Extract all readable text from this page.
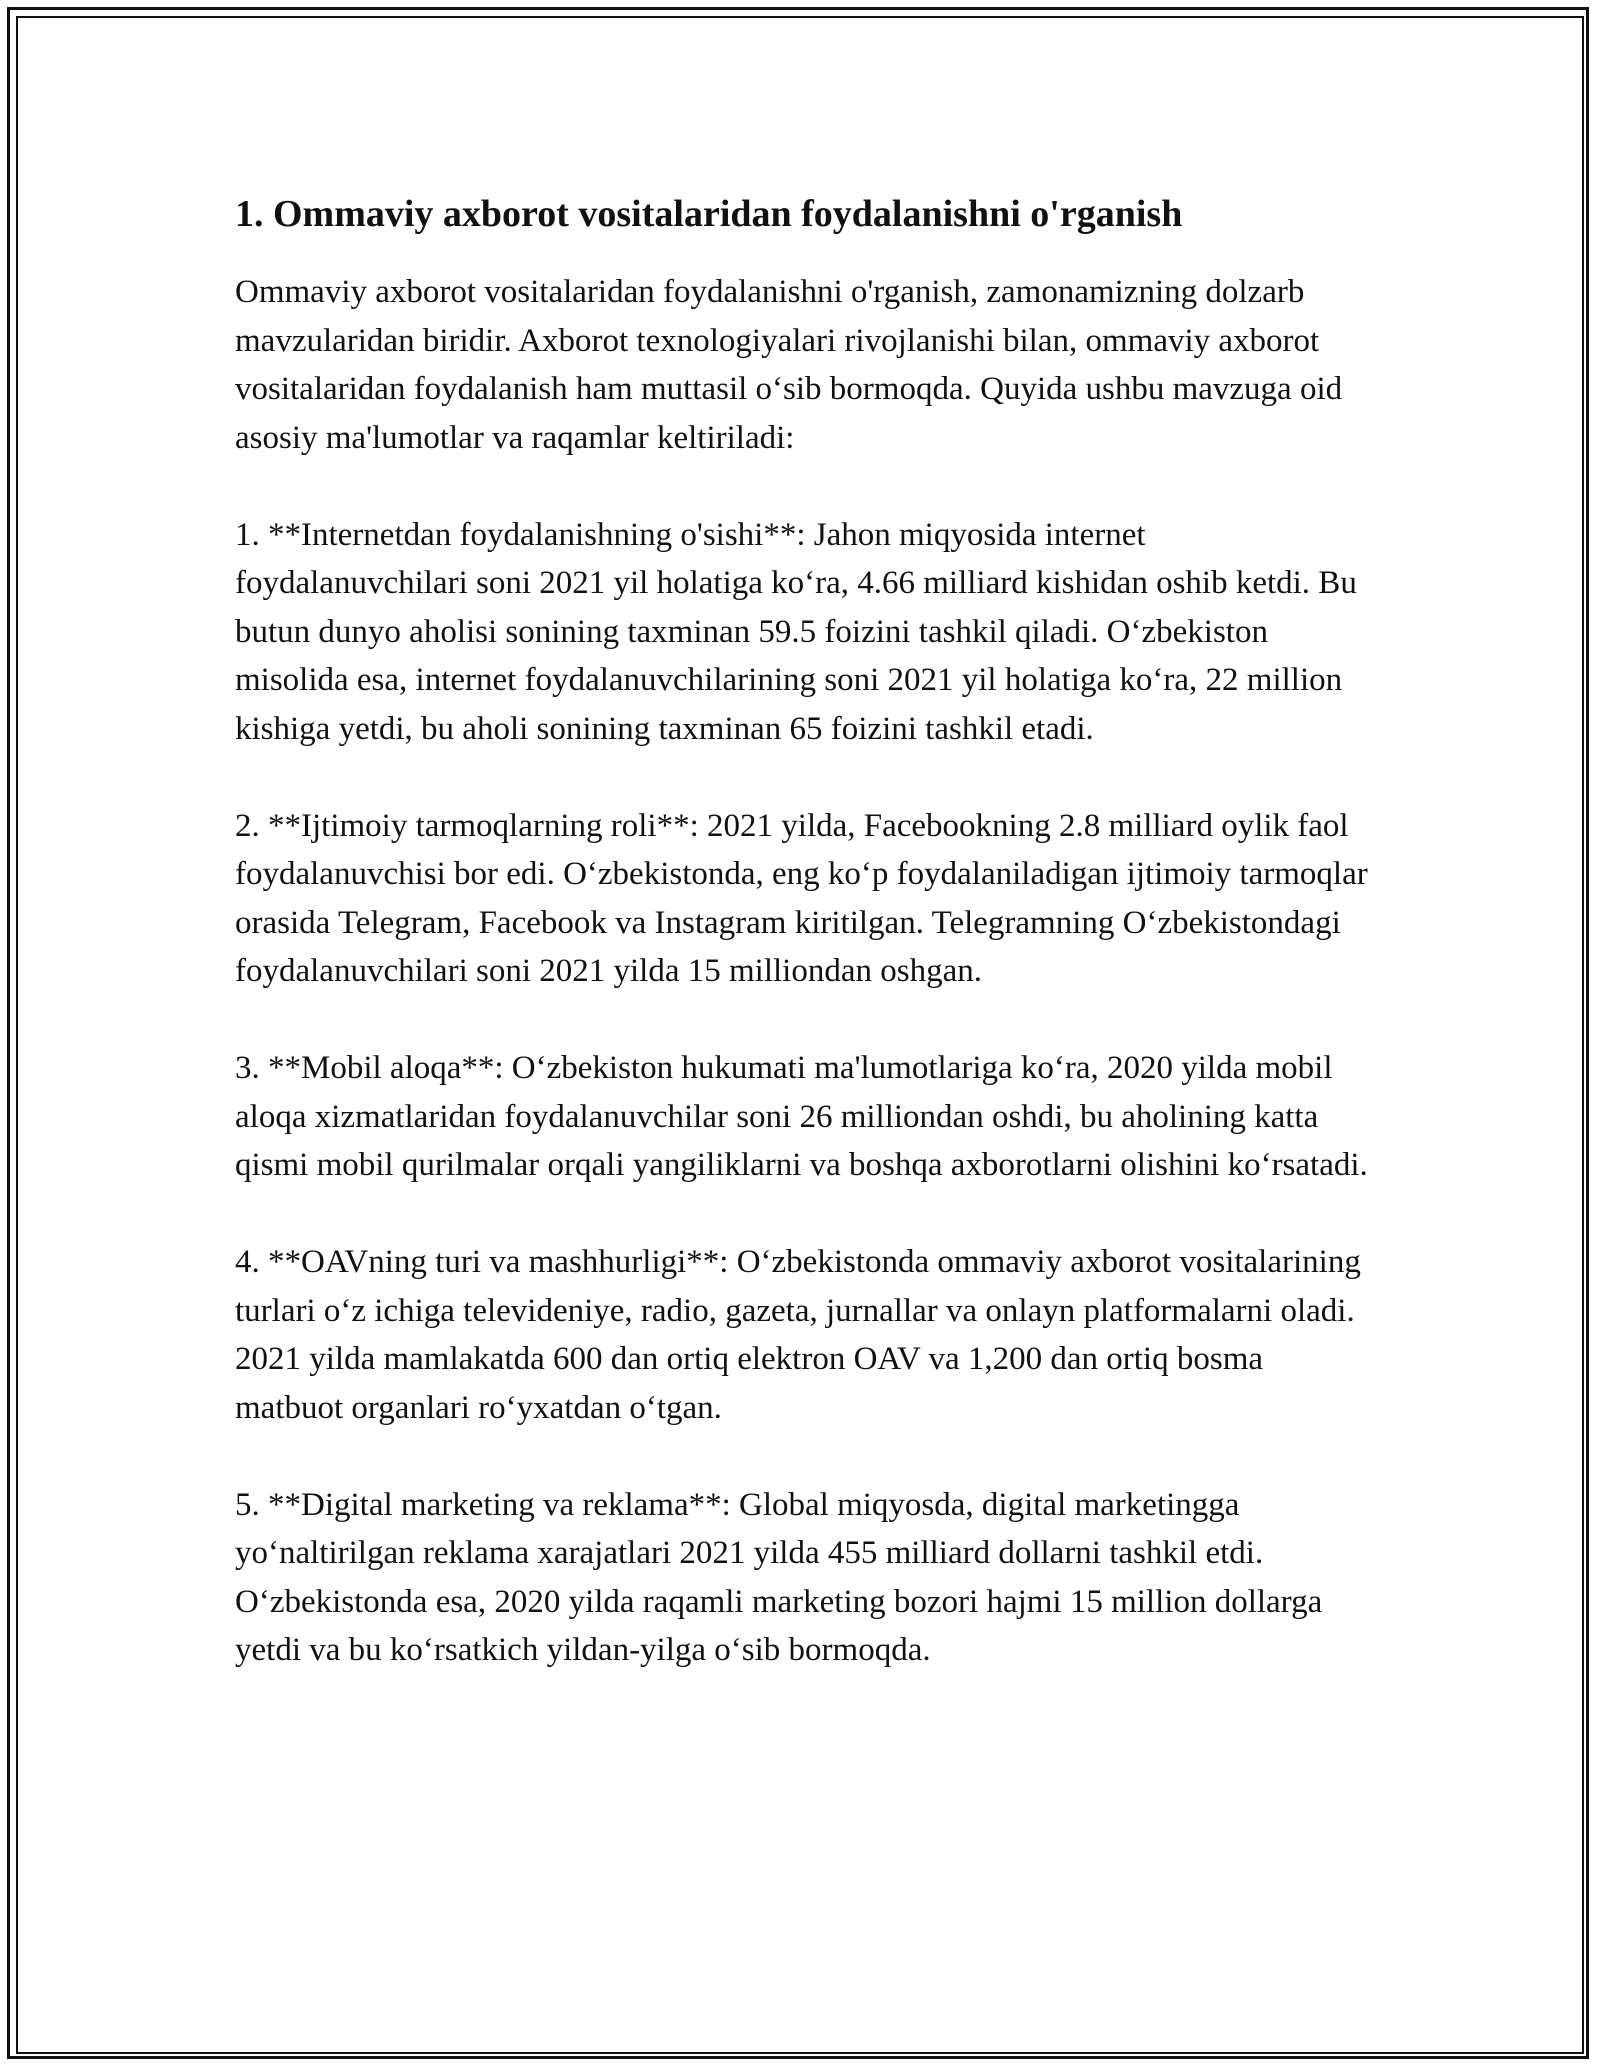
1. Ommaviy axborot vositalaridan foydalanishni o'rganish

Ommaviy axborot vositalaridan foydalanishni o'rganish, zamonamizning dolzarb mavzularidan biridir. Axborot texnologiyalari rivojlanishi bilan, ommaviy axborot vositalaridan foydalanish ham muttasil oʻsib bormoqda. Quyida ushbu mavzuga oid asosiy ma'lumotlar va raqamlar keltiriladi:

1. **Internetdan foydalanishning o'sishi**: Jahon miqyosida internet foydalanuvchilari soni 2021 yil holatiga koʻra, 4.66 milliard kishidan oshib ketdi. Bu butun dunyo aholisi sonining taxminan 59.5 foizini tashkil qiladi. Oʻzbekiston misolida esa, internet foydalanuvchilarining soni 2021 yil holatiga koʻra, 22 million kishiga yetdi, bu aholi sonining taxminan 65 foizini tashkil etadi.

2. **Ijtimoiy tarmoqlarning roli**: 2021 yilda, Facebookning 2.8 milliard oylik faol foydalanuvchisi bor edi. Oʻzbekistonda, eng koʻp foydalaniladigan ijtimoiy tarmoqlar orasida Telegram, Facebook va Instagram kiritilgan. Telegramning Oʻzbekistondagi foydalanuvchilari soni 2021 yilda 15 milliondan oshgan.

3. **Mobil aloqa**: Oʻzbekiston hukumati ma'lumotlariga koʻra, 2020 yilda mobil aloqa xizmatlaridan foydalanuvchilar soni 26 milliondan oshdi, bu aholining katta qismi mobil qurilmalar orqali yangiliklarni va boshqa axborotlarni olishini koʻrsatadi.

4. **OAVning turi va mashhurligi**: Oʻzbekistonda ommaviy axborot vositalarining turlari oʻz ichiga televideniye, radio, gazeta, jurnallar va onlayn platformalarni oladi. 2021 yilda mamlakatda 600 dan ortiq elektron OAV va 1,200 dan ortiq bosma matbuot organlari roʻyxatdan oʻtgan.

5. **Digital marketing va reklama**: Global miqyosda, digital marketingga yoʻnaltirilgan reklama xarajatlari 2021 yilda 455 milliard dollarni tashkil etdi. Oʻzbekistonda esa, 2020 yilda raqamli marketing bozori hajmi 15 million dollarga yetdi va bu koʻrsatkich yildan-yilga oʻsib bormoqda.
